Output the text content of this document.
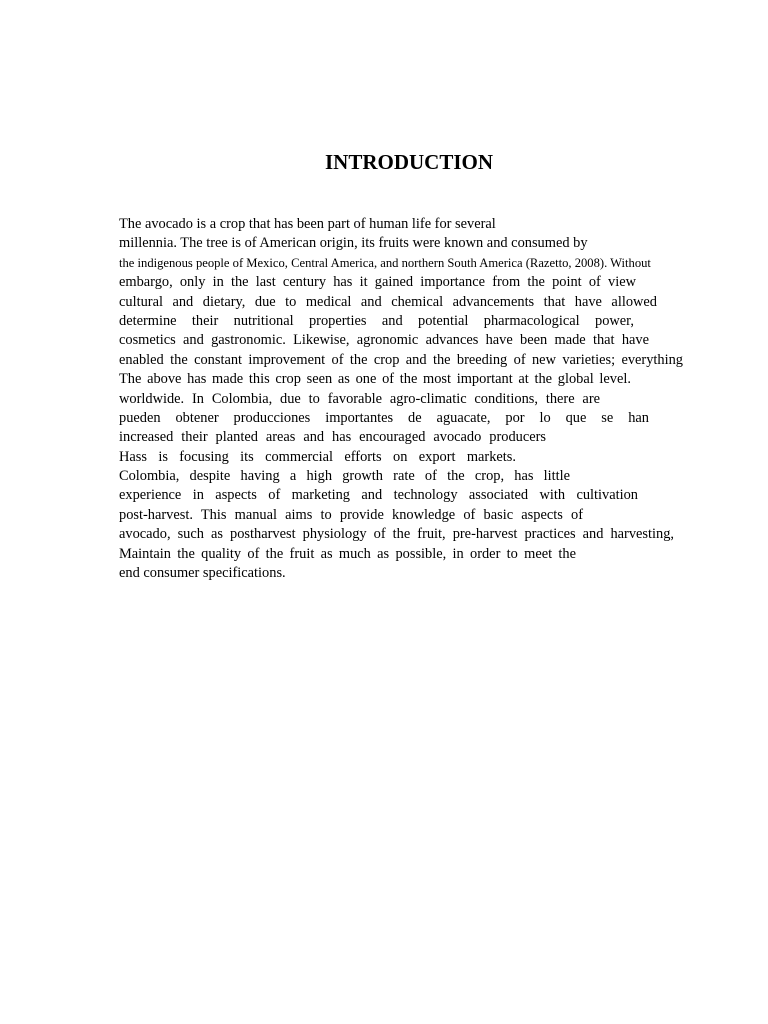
INTRODUCTION
The avocado is a crop that has been part of human life for several
millennia. The tree is of American origin, its fruits were known and consumed by
the indigenous people of Mexico, Central America, and northern South America (Razetto, 2008). Without
embargo, only in the last century has it gained importance from the point of view
cultural and dietary, due to medical and chemical advancements that have allowed
determine their nutritional properties and potential pharmacological power,
cosmetics and gastronomic. Likewise, agronomic advances have been made that have
enabled the constant improvement of the crop and the breeding of new varieties; everything
The above has made this crop seen as one of the most important at the global level.
worldwide. In Colombia, due to favorable agro-climatic conditions, there are
pueden obtener producciones importantes de aguacate, por lo que se han
increased their planted areas and has encouraged avocado producers
Hass is focusing its commercial efforts on export markets.
Colombia, despite having a high growth rate of the crop, has little
experience in aspects of marketing and technology associated with cultivation
post-harvest. This manual aims to provide knowledge of basic aspects of
avocado, such as postharvest physiology of the fruit, pre-harvest practices and harvesting,
Maintain the quality of the fruit as much as possible, in order to meet the
end consumer specifications.
